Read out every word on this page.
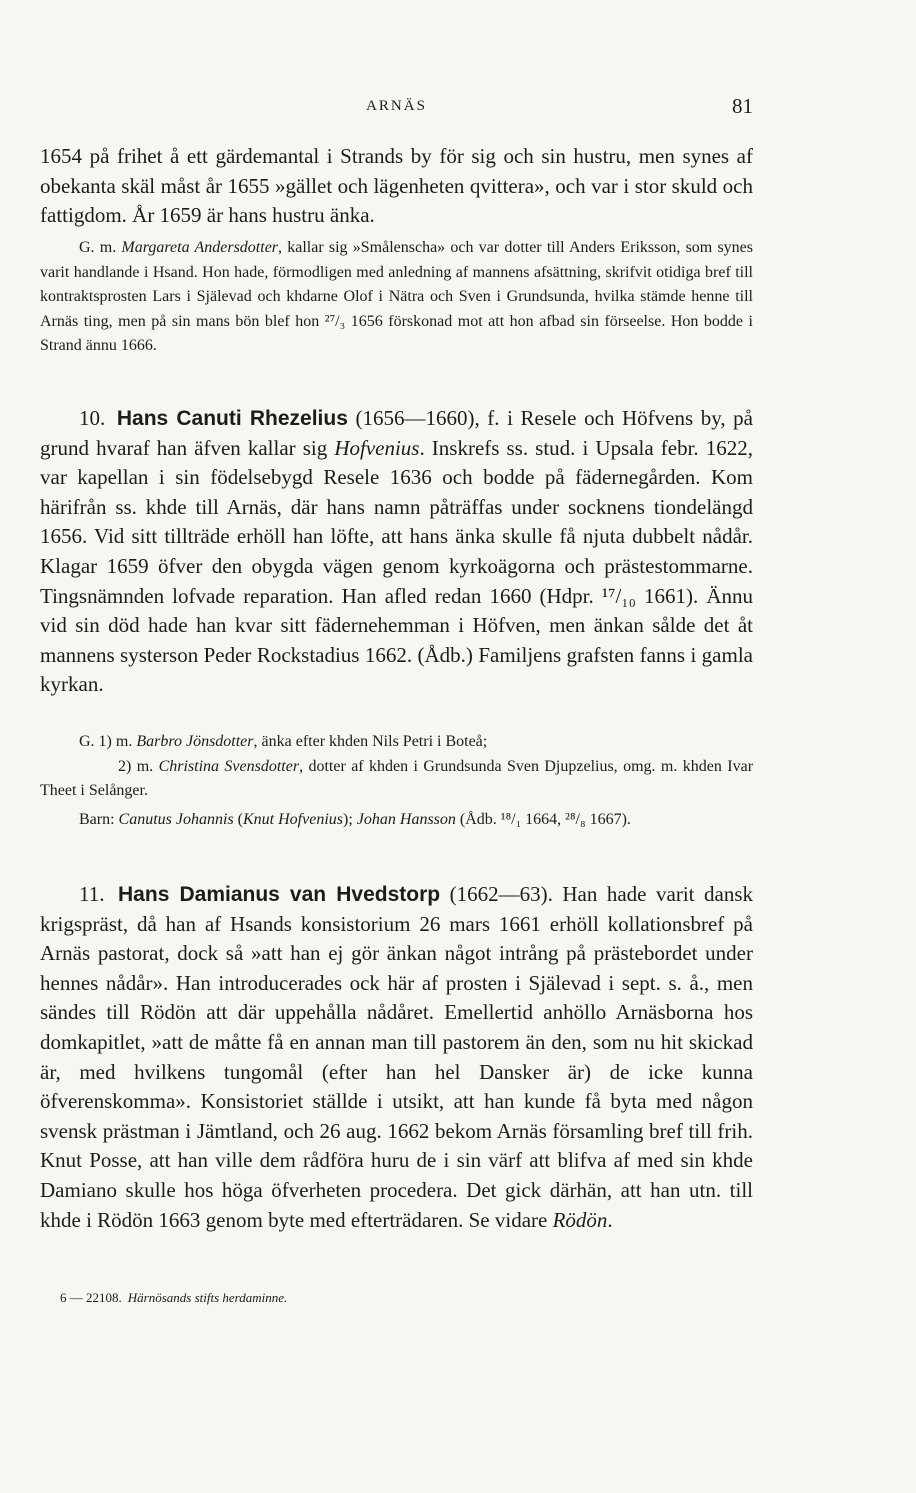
ARNÄS	81

1654 på frihet å ett gärdemantal i Strands by för sig och sin hustru, men synes af obekanta skäl måst år 1655 »gället och lägenheten qvittera», och var i stor skuld och fattigdom. År 1659 är hans hustru änka.

G. m. Margareta Andersdotter, kallar sig »Smålenscha» och var dotter till Anders Eriksson, som synes varit handlande i Hsand. Hon hade, förmodligen med anledning af mannens afsättning, skrifvit otidiga bref till kontraktsprosten Lars i Själevad och khdarne Olof i Nätra och Sven i Grundsunda, hvilka stämde henne till Arnäs ting, men på sin mans bön blef hon ²⁷/₃ 1656 förskonad mot att hon afbad sin förseelse. Hon bodde i Strand ännu 1666.

10. Hans Canuti Rhezelius (1656—1660), f. i Resele och Höfvens by, på grund hvaraf han äfven kallar sig Hofvenius. Inskrefs ss. stud. i Upsala febr. 1622, var kapellan i sin födelsebygd Resele 1636 och bodde på fädernegården. Kom härifrån ss. khde till Arnäs, där hans namn påträffas under socknens tiondelängd 1656. Vid sitt tillträde erhöll han löfte, att hans änka skulle få njuta dubbelt nådår. Klagar 1659 öfver den obygda vägen genom kyrkoägorna och prästestommarne. Tingsnämnden lofvade reparation. Han afled redan 1660 (Hdpr. ¹⁷/₁₀ 1661). Ännu vid sin död hade han kvar sitt fädernehemman i Höfven, men änkan sålde det åt mannens systerson Peder Rockstadius 1662. (Ådb.) Familjens grafsten fanns i gamla kyrkan.

G. 1) m. Barbro Jönsdotter, änka efter khden Nils Petri i Boteå;

2) m. Christina Svensdotter, dotter af khden i Grundsunda Sven Djupzelius, omg. m. khden Ivar Theet i Selånger.

Barn: Canutus Johannis (Knut Hofvenius); Johan Hansson (Ådb. ¹⁸/₁ 1664, ²⁸/₈ 1667).

11. Hans Damianus van Hvedstorp (1662—63). Han hade varit dansk krigspräst, då han af Hsands konsistorium 26 mars 1661 erhöll kollationsbref på Arnäs pastorat, dock så »att han ej gör änkan något intrång på prästebordet under hennes nådår». Han introducerades ock här af prosten i Själevad i sept. s. å., men sändes till Rödön att där uppehålla nådåret. Emellertid anhöllo Arnäsborna hos domkapitlet, »att de måtte få en annan man till pastorem än den, som nu hit skickad är, med hvilkens tungomål (efter han hel Dansker är) de icke kunna öfverenskomma». Konsistoriet ställde i utsikt, att han kunde få byta med någon svensk prästman i Jämtland, och 26 aug. 1662 bekom Arnäs församling bref till frih. Knut Posse, att han ville dem rådföra huru de i sin värf att blifva af med sin khde Damiano skulle hos höga öfverheten procedera. Det gick därhän, att han utn. till khde i Rödön 1663 genom byte med efterträdaren. Se vidare Rödön.

6 — 22108. Härnösands stifts herdaminne.
